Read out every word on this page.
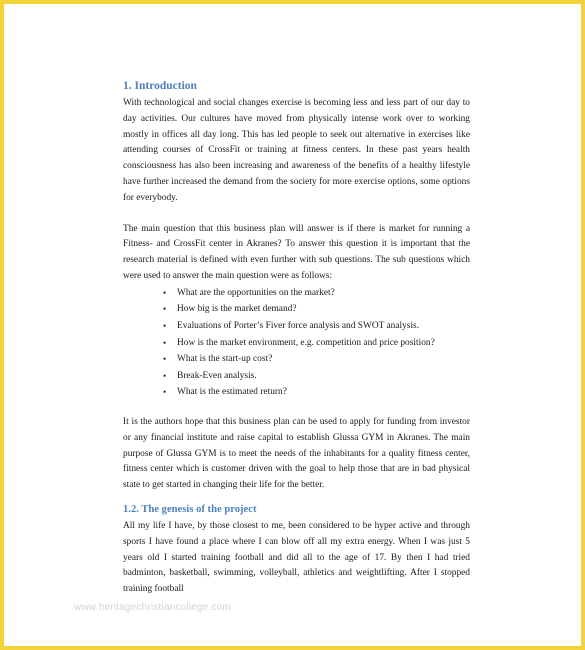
1. Introduction

With technological and social changes exercise is becoming less and less part of our day to day activities. Our cultures have moved from physically intense work over to working mostly in offices all day long. This has led people to seek out alternative in exercises like attending courses of CrossFit or training at fitness centers. In these past years health consciousness has also been increasing and awareness of the benefits of a healthy lifestyle have further increased the demand from the society for more exercise options, some options for everybody.

The main question that this business plan will answer is if there is market for running a Fitness- and CrossFit center in Akranes? To answer this question it is important that the research material is defined with even further with sub questions. The sub questions which were used to answer the main question were as follows:

• What are the opportunities on the market?
• How big is the market demand?
• Evaluations of Porter’s Fiver force analysis and SWOT analysis.
• How is the market environment, e.g. competition and price position?
• What is the start-up cost?
• Break-Even analysis.
• What is the estimated return?

It is the authors hope that this business plan can be used to apply for funding from investor or any financial institute and raise capital to establish Glussa GYM in Akranes. The main purpose of Glussa GYM is to meet the needs of the inhabitants for a quality fitness center, fitness center which is customer driven with the goal to help those that are in bad physical state to get started in changing their life for the better.

1.2. The genesis of the project

All my life I have, by those closest to me, been considered to be hyper active and through sports I have found a place where I can blow off all my extra energy. When I was just 5 years old I started training football and did all to the age of 17. By then I had tried badminton, basketball, swimming, volleyball, athletics and weightlifting. After I stopped training football

www.heritagechristiancollege.com
